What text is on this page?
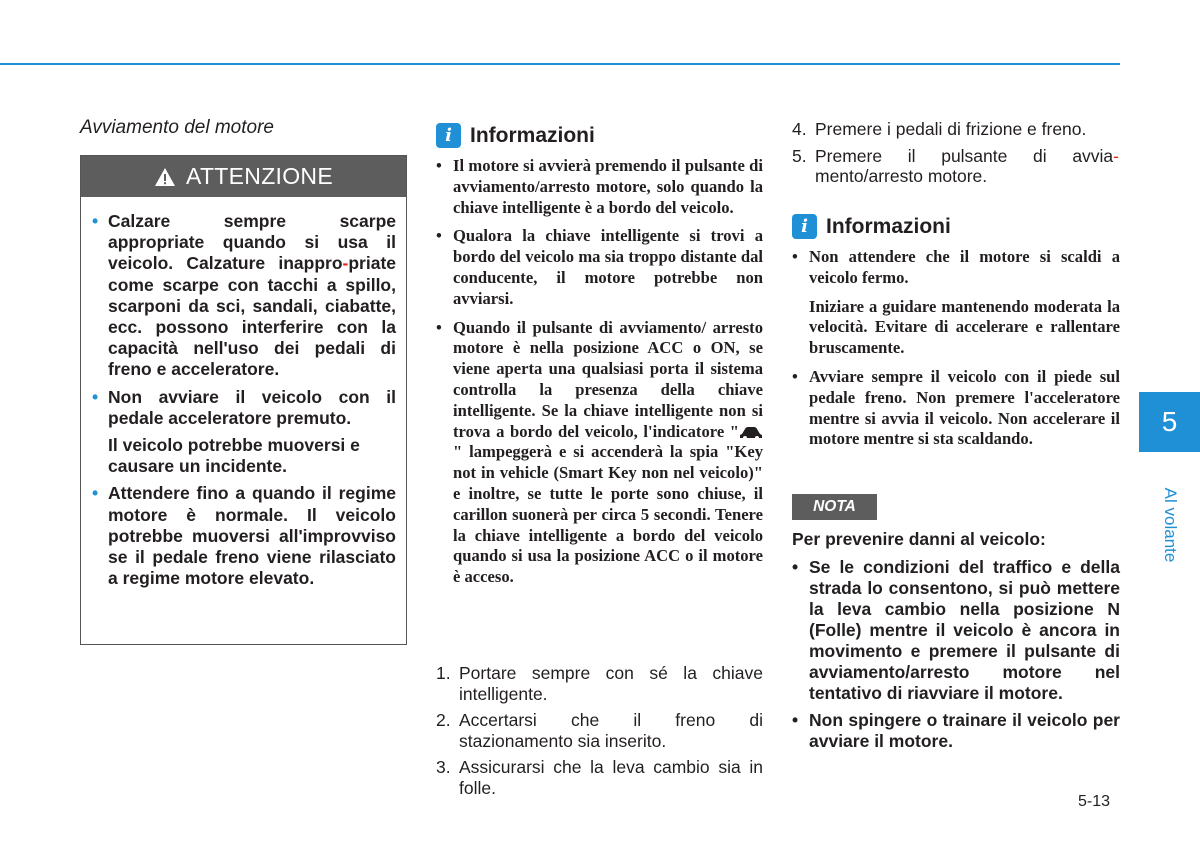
Avviamento del motore
ATTENZIONE
• Calzare sempre scarpe appropriate quando si usa il veicolo. Calzature inappro-priate come scarpe con tacchi a spillo, scarponi da sci, sandali, ciabatte, ecc. possono interferire con la capacità nell'uso dei pedali di freno e acceleratore.
• Non avviare il veicolo con il pedale acceleratore premuto.
Il veicolo potrebbe muoversi e causare un incidente.
• Attendere fino a quando il regime motore è normale. Il veicolo potrebbe muoversi all'improvviso se il pedale freno viene rilasciato a regime motore elevato.
i Informazioni
• Il motore si avvierà premendo il pulsante di avviamento/arresto motore, solo quando la chiave intelligente è a bordo del veicolo.
• Qualora la chiave intelligente si trovi a bordo del veicolo ma sia troppo distante dal conducente, il motore potrebbe non avviarsi.
• Quando il pulsante di avviamento/ arresto motore è nella posizione ACC o ON, se viene aperta una qualsiasi porta il sistema controlla la presenza della chiave intelligente. Se la chiave intelligente non si trova a bordo del veicolo, l'indicatore "" lampeggerà e si accenderà la spia "Key not in vehicle (Smart Key non nel veicolo)" e inoltre, se tutte le porte sono chiuse, il carillon suonerà per circa 5 secondi. Tenere la chiave intelligente a bordo del veicolo quando si usa la posizione ACC o il motore è acceso.
1. Portare sempre con sé la chiave intelligente.
2. Accertarsi che il freno di stazionamento sia inserito.
3. Assicurarsi che la leva cambio sia in folle.
4. Premere i pedali di frizione e freno.
5. Premere il pulsante di avvia-mento/arresto motore.
i Informazioni
• Non attendere che il motore si scaldi a veicolo fermo.
Iniziare a guidare mantenendo moderata la velocità. Evitare di accelerare e rallentare bruscamente.
• Avviare sempre il veicolo con il piede sul pedale freno. Non premere l'acceleratore mentre si avvia il veicolo. Non accelerare il motore mentre si sta scaldando.
NOTA
Per prevenire danni al veicolo:
• Se le condizioni del traffico e della strada lo consentono, si può mettere la leva cambio nella posizione N (Folle) mentre il veicolo è ancora in movimento e premere il pulsante di avviamento/arresto motore nel tentativo di riavviare il motore.
• Non spingere o trainare il veicolo per avviare il motore.
5
Al volante
5-13
